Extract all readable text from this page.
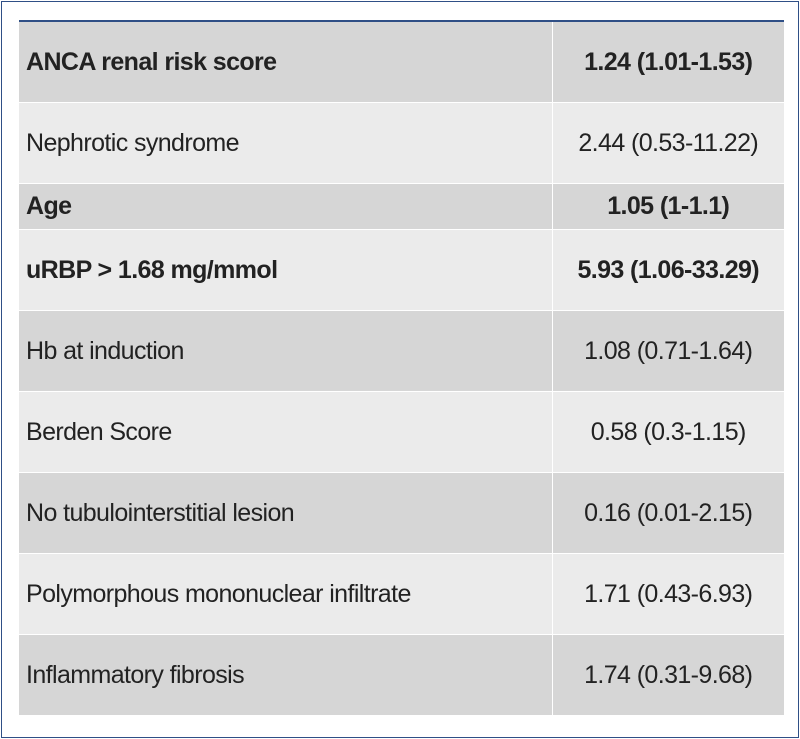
ANCA renal risk score	1.24 (1.01-1.53)
Nephrotic syndrome	2.44 (0.53-11.22)
Age	1.05 (1-1.1)
uRBP > 1.68 mg/mmol	5.93 (1.06-33.29)
Hb at induction	1.08 (0.71-1.64)
Berden Score	0.58 (0.3-1.15)
No tubulointerstitial lesion	0.16 (0.01-2.15)
Polymorphous mononuclear infiltrate	1.71 (0.43-6.93)
Inflammatory fibrosis	1.74 (0.31-9.68)
